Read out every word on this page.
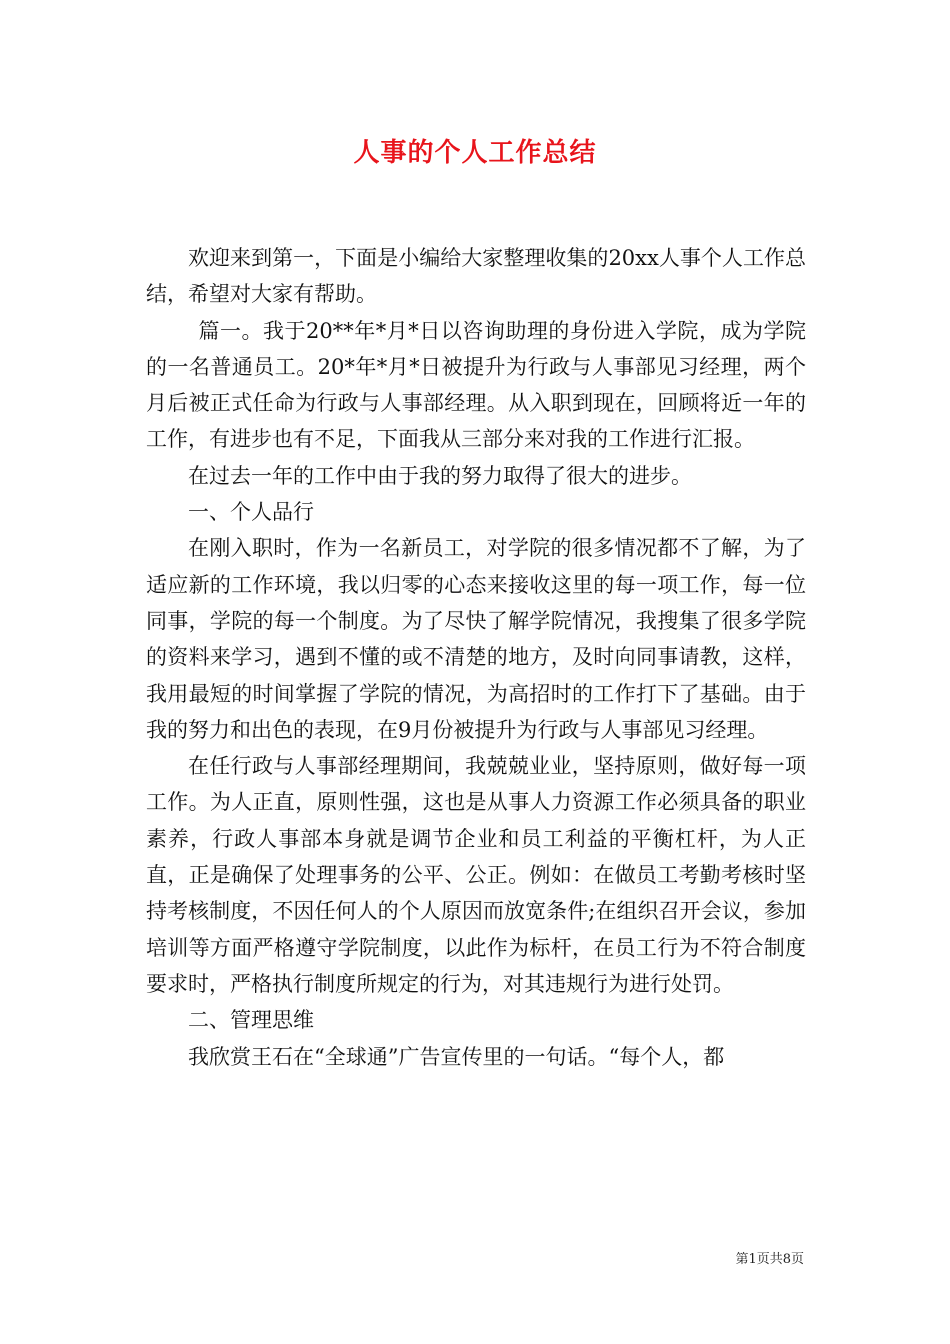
人事的个人工作总结

欢迎来到第一，下面是小编给大家整理收集的20xx人事个人工作总结，希望对大家有帮助。

篇一。我于20**年*月*日以咨询助理的身份进入学院，成为学院的一名普通员工。20*年*月*日被提升为行政与人事部见习经理，两个月后被正式任命为行政与人事部经理。从入职到现在，回顾将近一年的工作，有进步也有不足，下面我从三部分来对我的工作进行汇报。

在过去一年的工作中由于我的努力取得了很大的进步。

一、个人品行

在刚入职时，作为一名新员工，对学院的很多情况都不了解，为了适应新的工作环境，我以归零的心态来接收这里的每一项工作，每一位同事，学院的每一个制度。为了尽快了解学院情况，我搜集了很多学院的资料来学习，遇到不懂的或不清楚的地方，及时向同事请教，这样，我用最短的时间掌握了学院的情况，为高招时的工作打下了基础。由于我的努力和出色的表现，在9月份被提升为行政与人事部见习经理。

在任行政与人事部经理期间，我兢兢业业，坚持原则，做好每一项工作。为人正直，原则性强，这也是从事人力资源工作必须具备的职业素养，行政人事部本身就是调节企业和员工利益的平衡杠杆，为人正直，正是确保了处理事务的公平、公正。例如：在做员工考勤考核时坚持考核制度，不因任何人的个人原因而放宽条件;在组织召开会议，参加培训等方面严格遵守学院制度，以此作为标杆，在员工行为不符合制度要求时，严格执行制度所规定的行为，对其违规行为进行处罚。

二、管理思维

我欣赏王石在“全球通”广告宣传里的一句话。“每个人，都

第1页共8页
